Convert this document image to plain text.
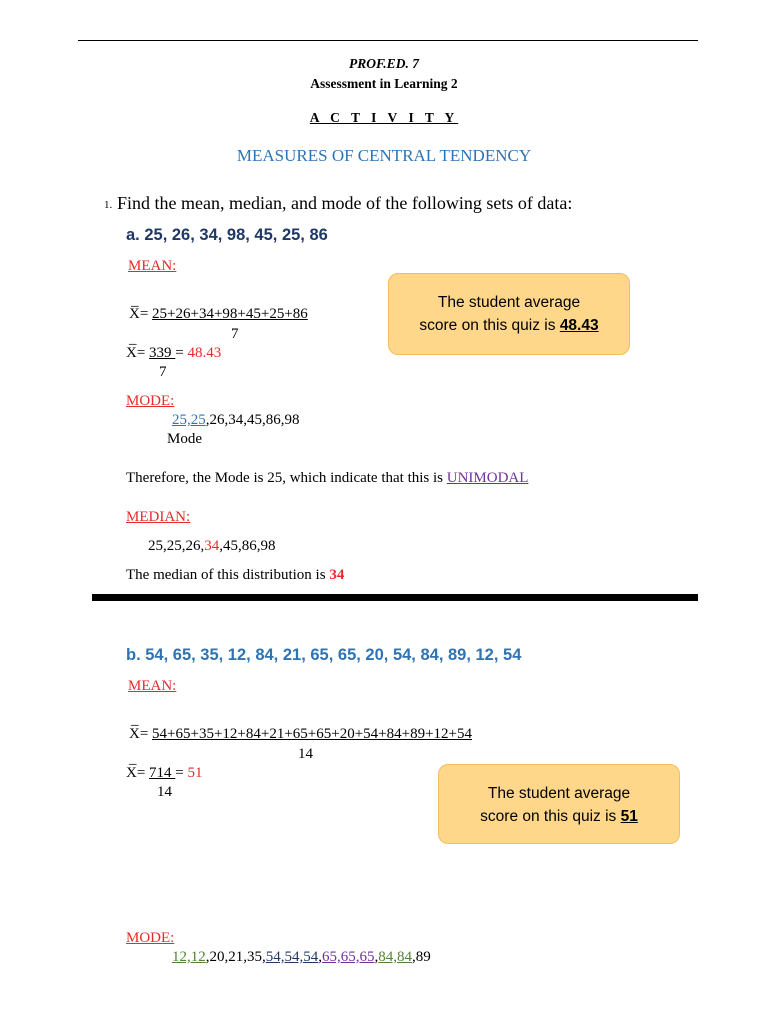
PROF.ED. 7
Assessment in Learning 2
A C T I V I T Y
MEASURES OF CENTRAL TENDENCY
1. Find the mean, median, and mode of the following sets of data:
a. 25, 26, 34, 98, 45, 25, 86
MEAN:
_
X= 25+26+34+98+45+25+86
7
_
X= 339 = 48.43
7
The student average
score on this quiz is 48.43
MODE:
25,25,26,34,45,86,98
Mode
Therefore, the Mode is 25, which indicate that this is UNIMODAL
MEDIAN:
25,25,26,34,45,86,98
The median of this distribution is 34
b. 54, 65, 35, 12, 84, 21, 65, 65, 20, 54, 84, 89, 12, 54
MEAN:
_
X= 54+65+35+12+84+21+65+65+20+54+84+89+12+54
14
_
X= 714 = 51
14	The student average
score on this quiz is 51
MODE:
12,12,20,21,35,54,54,54,65,65,65,84,84,89
